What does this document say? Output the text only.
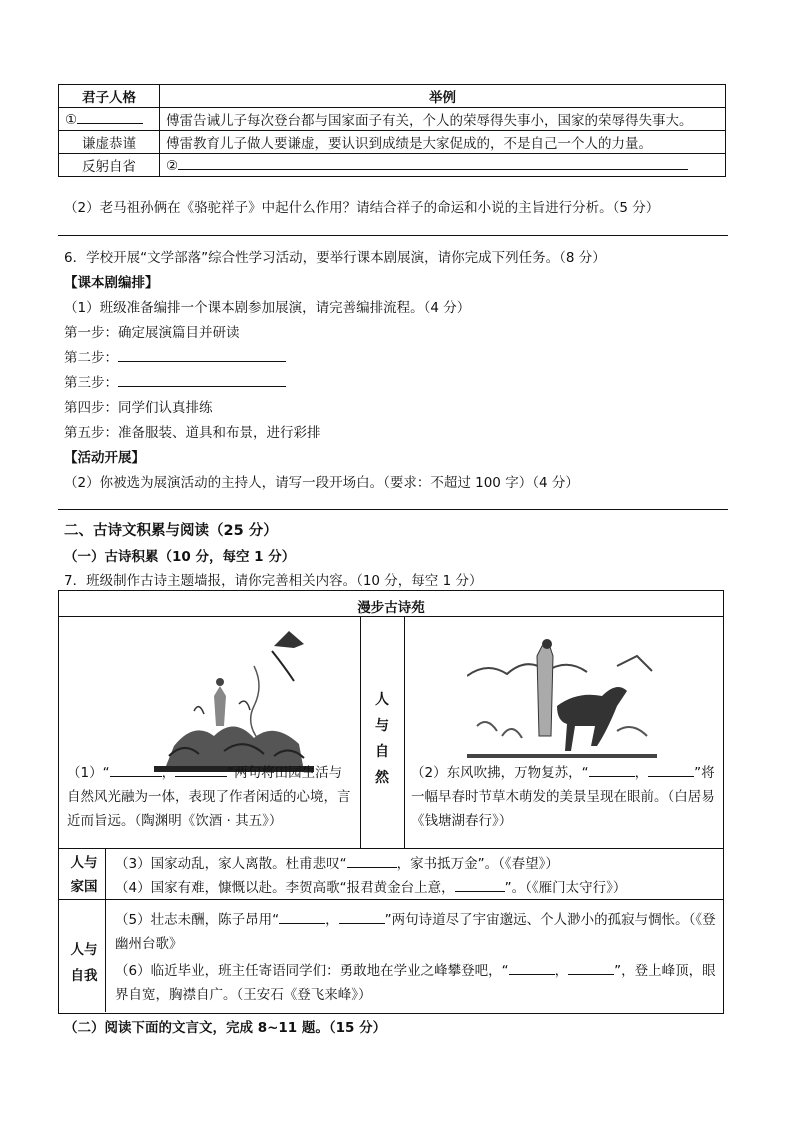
君子人格	举例
①	傅雷告诫儿子每次登台都与国家面子有关，个人的荣辱得失事小，国家的荣辱得失事大。
谦虚恭谨	傅雷教育儿子做人要谦虚，要认识到成绩是大家促成的，不是自己一个人的力量。
反躬自省	②
（2）老马祖孙俩在《骆驼祥子》中起什么作用？请结合祥子的命运和小说的主旨进行分析。（5 分）
6．学校开展“文学部落”综合性学习活动，要举行课本剧展演，请你完成下列任务。（8 分）
【课本剧编排】
（1）班级准备编排一个课本剧参加展演，请完善编排流程。（4 分）
第一步：确定展演篇目并研读
第二步：
第三步：
第四步：同学们认真排练
第五步：准备服装、道具和布景，进行彩排
【活动开展】
（2）你被选为展演活动的主持人，请写一段开场白。（要求：不超过 100 字）（4 分）
二、古诗文积累与阅读（25 分）
（一）古诗积累（10 分，每空 1 分）
7．班级制作古诗主题墙报，请你完善相关内容。（10 分，每空 1 分）
漫步古诗苑
人
与
自
然
（1）“	，	”两句将田园生活与自然风光融为一体，表现了作者闲适的心境，言近而旨远。（陶渊明《饮酒 · 其五》）
（2）东风吹拂，万物复苏，“	，	”将一幅早春时节草木萌发的美景呈现在眼前。（白居易《钱塘湖春行》）
人与
家国
（3）国家动乱，家人离散。杜甫悲叹“	，家书抵万金”。（《春望》）
（4）国家有难，慷慨以赴。李贺高歌“报君黄金台上意，	”。（《雁门太守行》）
人与
自我
（5）壮志未酬，陈子昂用“	，	”两句诗道尽了宇宙邈远、个人渺小的孤寂与惆怅。（《登幽州台歌》
（6）临近毕业，班主任寄语同学们：勇敢地在学业之峰攀登吧，“	，	”，登上峰顶，眼界自宽，胸襟自广。（王安石《登飞来峰》）
（二）阅读下面的文言文，完成 8~11 题。（15 分）
